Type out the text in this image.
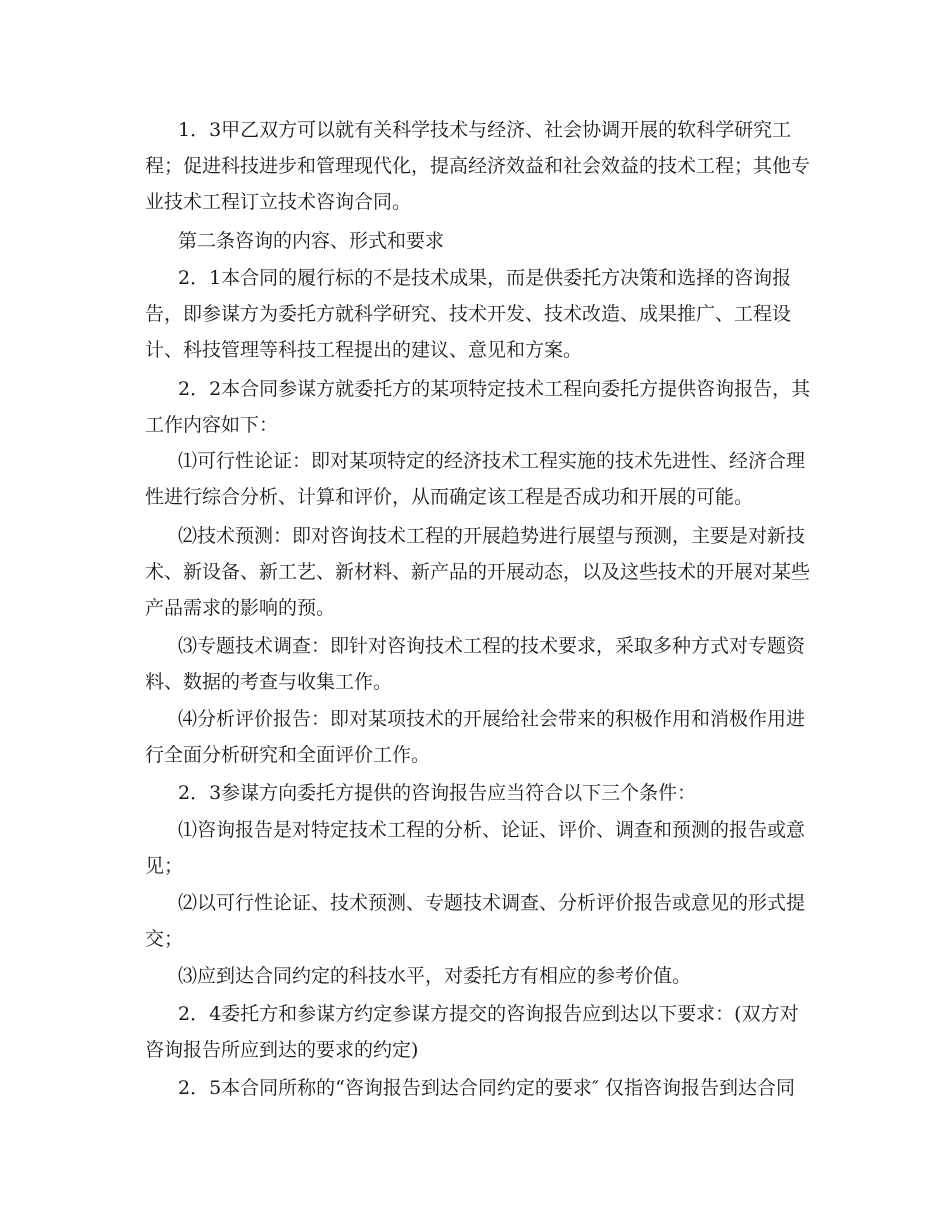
1．3甲乙双方可以就有关科学技术与经济、社会协调开展的软科学研究工
程；促进科技进步和管理现代化，提高经济效益和社会效益的技术工程；其他专
业技术工程订立技术咨询合同。
第二条咨询的内容、形式和要求
2．1本合同的履行标的不是技术成果，而是供委托方决策和选择的咨询报
告，即参谋方为委托方就科学研究、技术开发、技术改造、成果推广、工程设
计、科技管理等科技工程提出的建议、意见和方案。
2．2本合同参谋方就委托方的某项特定技术工程向委托方提供咨询报告，其
工作内容如下：
⑴可行性论证：即对某项特定的经济技术工程实施的技术先进性、经济合理
性进行综合分析、计算和评价，从而确定该工程是否成功和开展的可能。
⑵技术预测：即对咨询技术工程的开展趋势进行展望与预测，主要是对新技
术、新设备、新工艺、新材料、新产品的开展动态，以及这些技术的开展对某些
产品需求的影响的预。
⑶专题技术调查：即针对咨询技术工程的技术要求，采取多种方式对专题资
料、数据的考查与收集工作。
⑷分析评价报告：即对某项技术的开展给社会带来的积极作用和消极作用进
行全面分析研究和全面评价工作。
2．3参谋方向委托方提供的咨询报告应当符合以下三个条件：
⑴咨询报告是对特定技术工程的分析、论证、评价、调查和预测的报告或意
见；
⑵以可行性论证、技术预测、专题技术调查、分析评价报告或意见的形式提
交；
⑶应到达合同约定的科技水平，对委托方有相应的参考价值。
2．4委托方和参谋方约定参谋方提交的咨询报告应到达以下要求：(双方对
咨询报告所应到达的要求的约定)
2．5本合同所称的“咨询报告到达合同约定的要求″ 仅指咨询报告到达合同
